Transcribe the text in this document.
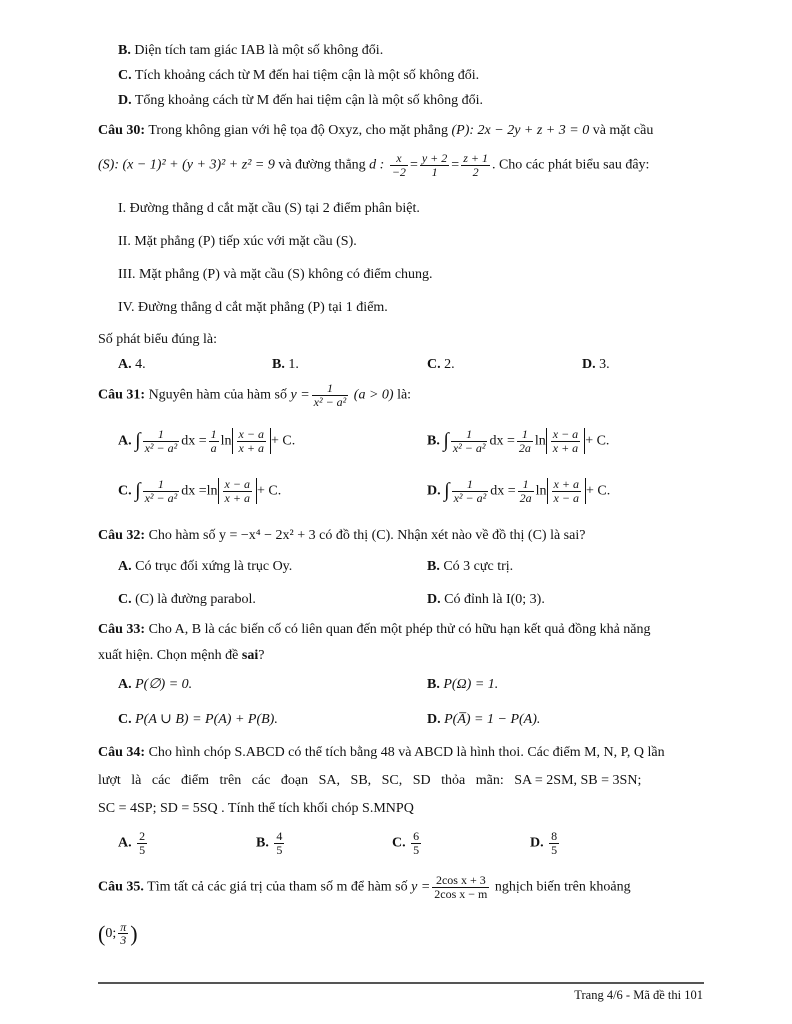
B. Diện tích tam giác IAB là một số không đổi.
C. Tích khoảng cách từ M đến hai tiệm cận là một số không đổi.
D. Tổng khoảng cách từ M đến hai tiệm cận là một số không đổi.
Câu 30: Trong không gian với hệ tọa độ Oxyz, cho mặt phẳng (P): 2x − 2y + z + 3 = 0 và mặt cầu
(S): (x − 1)² + (y + 3)² + z² = 9 và đường thẳng d : $\frac{x}{-2} = \frac{y + 2}{1} = \frac{z + 1}{2}$ . Cho các phát biểu sau đây:
I. Đường thẳng d cắt mặt cầu (S) tại 2 điểm phân biệt.
II. Mặt phẳng (P) tiếp xúc với mặt cầu (S).
III. Mặt phẳng (P) và mặt cầu (S) không có điểm chung.
IV. Đường thẳng d cắt mặt phẳng (P) tại 1 điểm.
Số phát biểu đúng là:
A. 4.	B. 1.	C. 2.	D. 3.
Câu 31: Nguyên hàm của hàm số $y = \frac{1}{\text{x² − a²}} (a > 0)$ là:
A. ∫ $\frac{1}{\text{x² − a²}}$ dx = $\frac{1}{a}$ $\ln \frac{x - a}{x + a} + C$.	B. ∫ $\frac{1}{\text{x² − a²}}$ dx = $\frac{1}{2a}$ $\ln \frac{x - a}{x + a} + C$.
C. ∫ $\frac{1}{\text{x² − a²}}$ dx $=\ln \frac{x - a}{x + a} + C$.	D. ∫ $\frac{1}{\text{x² − a²}}$ dx = $\frac{1}{2a}$ $\ln \frac{x + a}{x - a} + C$.
Câu 32: Cho hàm số y = −x⁴ − 2x² + 3 có đồ thị (C). Nhận xét nào về đồ thị (C) là sai?
A. Có trục đối xứng là trục Oy.	B. Có 3 cực trị.
C. (C) là đường parabol.	D. Có đỉnh là I(0; 3).
Câu 33: Cho A, B là các biến cố có liên quan đến một phép thử có hữu hạn kết quả đồng khả năng
xuất hiện. Chọn mệnh đề sai?
A. P(∅) = 0.	B. P(Ω) = 1.
C. P(A ∪ B) = P(A) + P(B).	D. P(A̅) = 1 − P(A).
Câu 34: Cho hình chóp S.ABCD có thể tích bằng 48 và ABCD là hình thoi. Các điểm M, N, P, Q lần
lượt   là   các   điểm   trên   các   đoạn   SA,   SB,   SC,   SD   thỏa   mãn:   SA = 2SM, SB = 3SN;
SC = 4SP; SD = 5SQ . Tính thể tích khối chóp S.MNPQ
A. $\frac{2}{5}$	B. $\frac{4}{5}$	C. $\frac{6}{5}$	D. $\frac{8}{5}$
Câu 35. Tìm tất cả các giá trị của tham số m để hàm số $y = \frac{\text{2cos x + 3}}{\text{2cos x − m}}$ nghịch biến trên khoảng
(0; $\frac{\pi}{3}$ )
Trang 4/6 - Mã đề thi 101
